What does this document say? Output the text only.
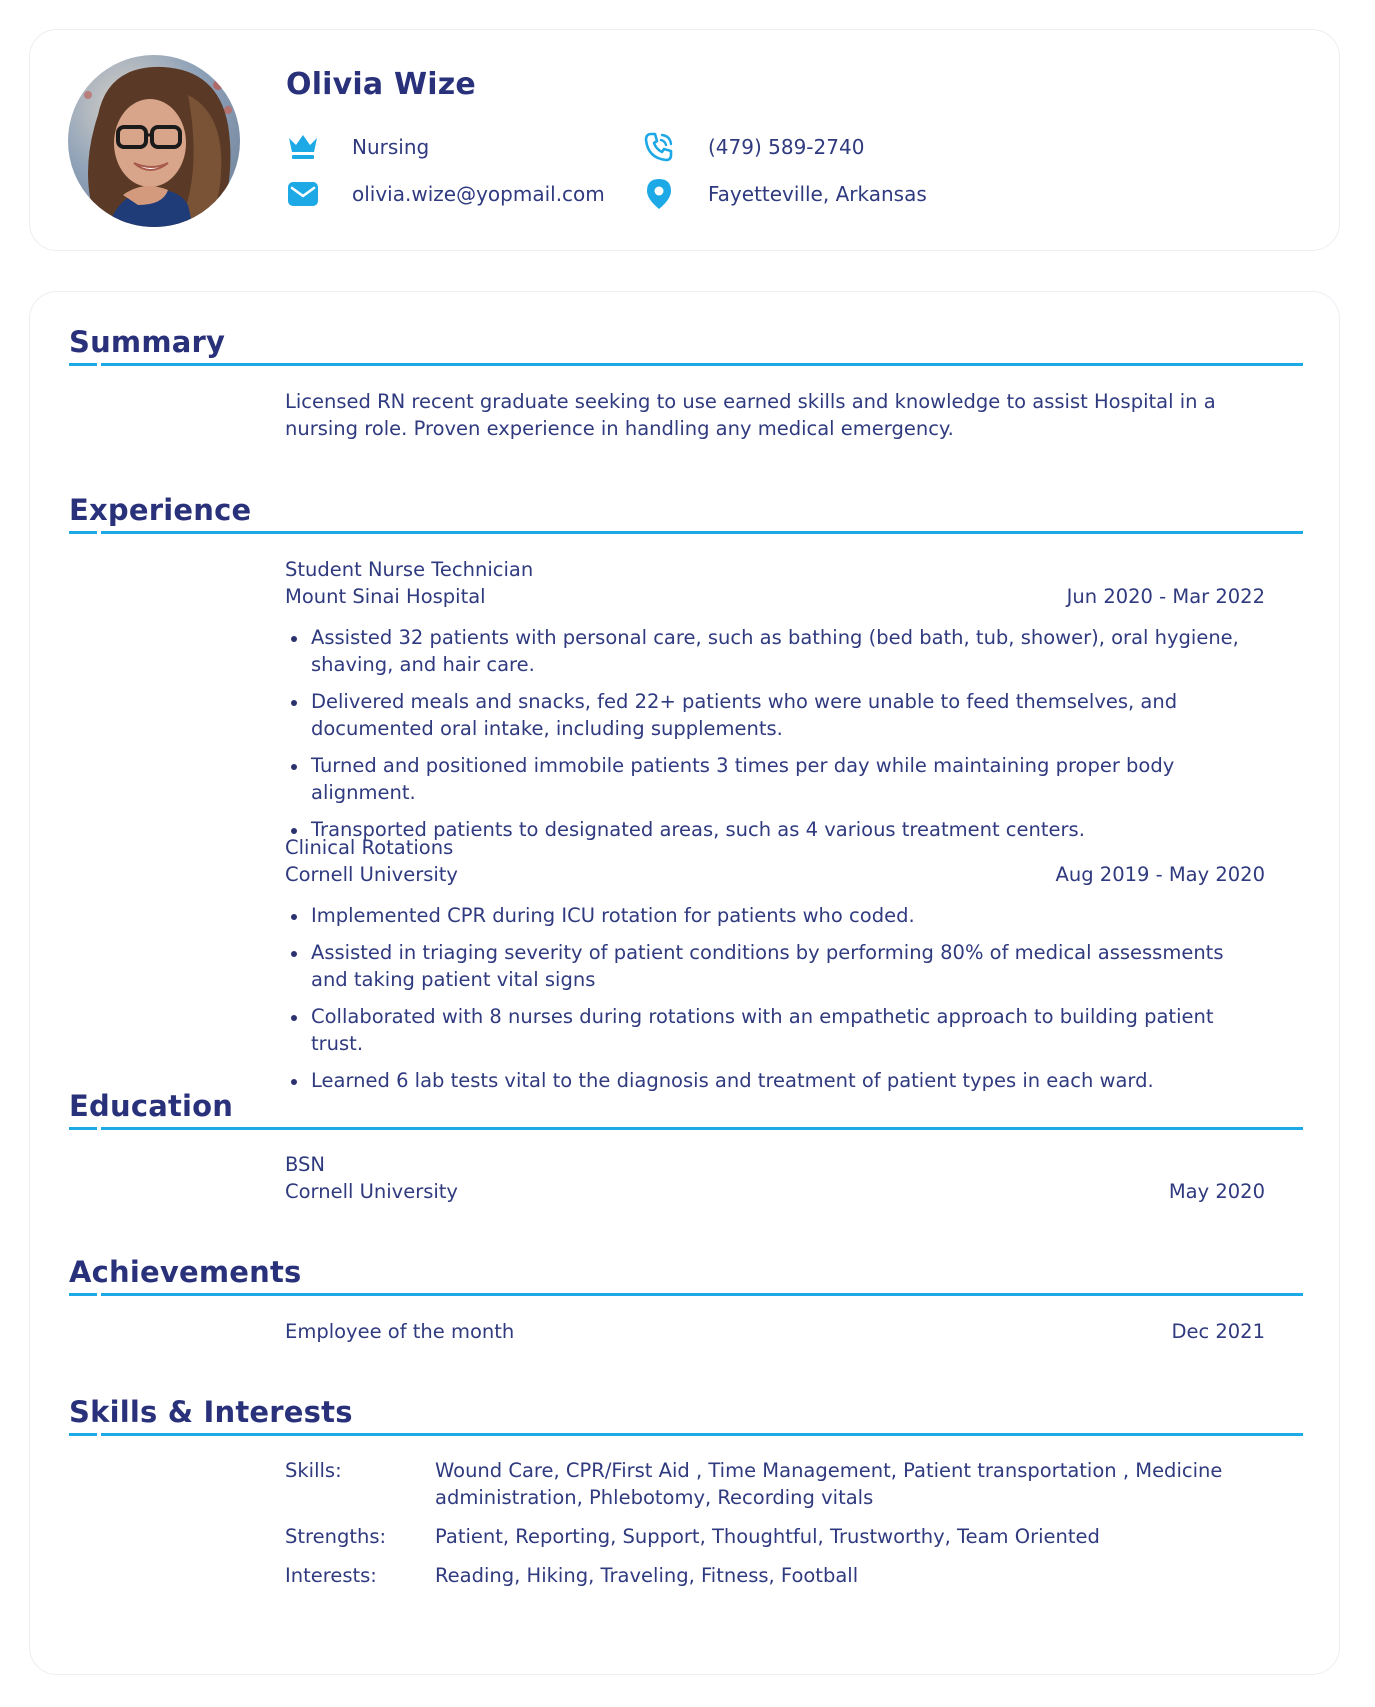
Olivia Wize
Nursing
olivia.wize@yopmail.com
(479) 589-2740
Fayetteville, Arkansas
Summary
Licensed RN recent graduate seeking to use earned skills and knowledge to assist Hospital in a nursing role. Proven experience in handling any medical emergency.
Experience
Student Nurse Technician
Mount Sinai Hospital	Jun 2020 - Mar 2022
Assisted 32 patients with personal care, such as bathing (bed bath, tub, shower), oral hygiene, shaving, and hair care.
Delivered meals and snacks, fed 22+ patients who were unable to feed themselves, and documented oral intake, including supplements.
Turned and positioned immobile patients 3 times per day while maintaining proper body alignment.
Transported patients to designated areas, such as 4 various treatment centers.
Clinical Rotations
Cornell University	Aug 2019 - May 2020
Implemented CPR during ICU rotation for patients who coded.
Assisted in triaging severity of patient conditions by performing 80% of medical assessments and taking patient vital signs
Collaborated with 8 nurses during rotations with an empathetic approach to building patient trust.
Learned 6 lab tests vital to the diagnosis and treatment of patient types in each ward.
Education
BSN
Cornell University	May 2020
Achievements
Employee of the month	Dec 2021
Skills & Interests
Skills:	Wound Care, CPR/First Aid , Time Management, Patient transportation , Medicine administration, Phlebotomy, Recording vitals
Strengths:	Patient, Reporting, Support, Thoughtful, Trustworthy, Team Oriented
Interests:	Reading, Hiking, Traveling, Fitness, Football
